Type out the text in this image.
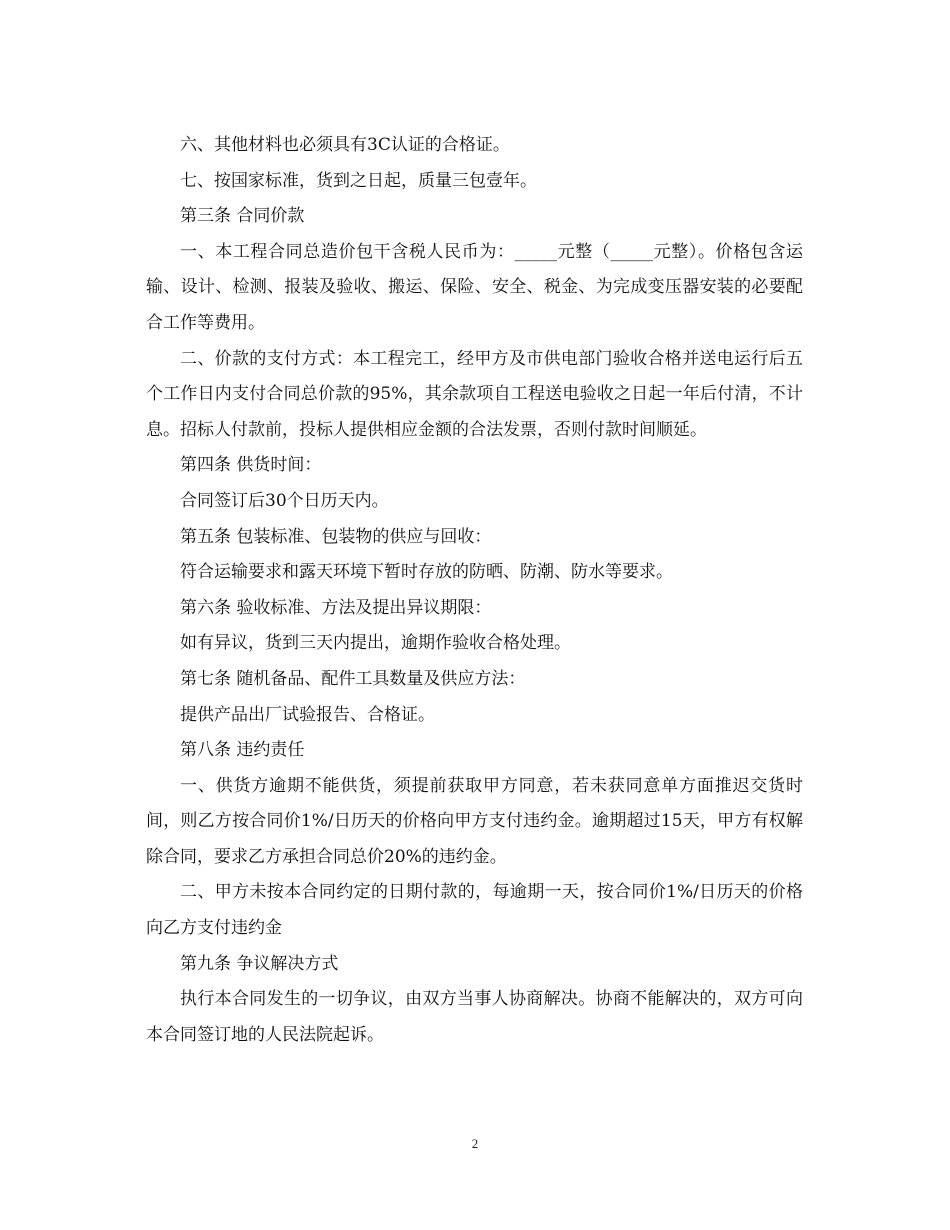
六、其他材料也必须具有3C认证的合格证。

七、按国家标准，货到之日起，质量三包壹年。

第三条 合同价款

一、本工程合同总造价包干含税人民币为：_____元整（_____元整）。价格包含运输、设计、检测、报装及验收、搬运、保险、安全、税金、为完成变压器安装的必要配合工作等费用。

二、价款的支付方式：本工程完工，经甲方及市供电部门验收合格并送电运行后五个工作日内支付合同总价款的95%，其余款项自工程送电验收之日起一年后付清，不计息。招标人付款前，投标人提供相应金额的合法发票，否则付款时间顺延。

第四条 供货时间：

合同签订后30个日历天内。

第五条 包装标准、包装物的供应与回收：

符合运输要求和露天环境下暂时存放的防晒、防潮、防水等要求。

第六条 验收标准、方法及提出异议期限：

如有异议，货到三天内提出，逾期作验收合格处理。

第七条 随机备品、配件工具数量及供应方法：

提供产品出厂试验报告、合格证。

第八条 违约责任

一、供货方逾期不能供货，须提前获取甲方同意，若未获同意单方面推迟交货时间，则乙方按合同价1%/日历天的价格向甲方支付违约金。逾期超过15天，甲方有权解除合同，要求乙方承担合同总价20%的违约金。

二、甲方未按本合同约定的日期付款的，每逾期一天，按合同价1%/日历天的价格向乙方支付违约金

第九条 争议解决方式

执行本合同发生的一切争议，由双方当事人协商解决。协商不能解决的，双方可向本合同签订地的人民法院起诉。

2
